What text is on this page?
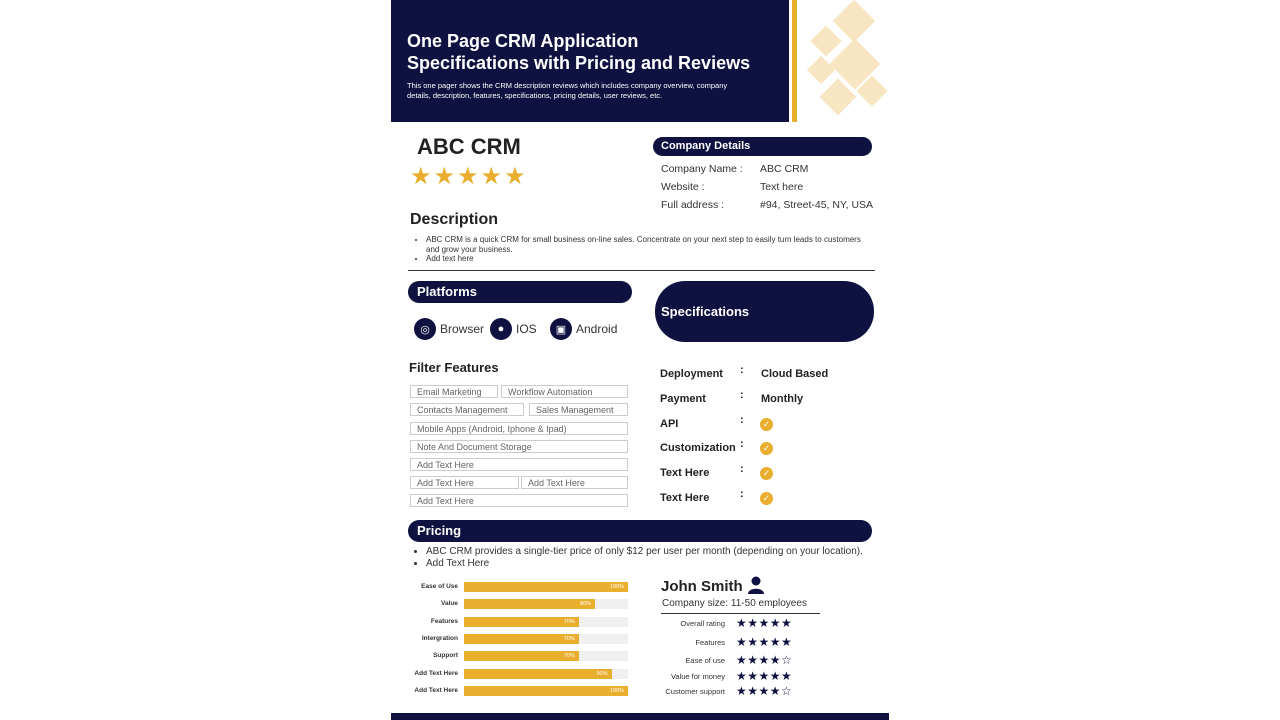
One Page CRM Application
Specifications with Pricing and Reviews
This one pager shows the CRM description reviews which includes company overview, company details, description, features, specifications, pricing details, user reviews, etc.
ABC CRM
★★★★★
Company Details
Company Name : ABC CRM
Website :	Text here
Full address :	#94, Street-45, NY, USA
Description
• ABC CRM is a quick CRM for small business on-line sales. Concentrate on your next step to easily turn leads to customers and grow your business.
• Add text here
Platforms
◎ Browser	● IOS	▣ Android
Specifications
Filter Features
Email Marketing	Workflow Automation
Contacts Management	Sales Management
Mobile Apps (Android, Iphone & Ipad)
Note And Document Storage
Add Text Here
Add Text Here	Add Text Here
Add Text Here
Deployment : Cloud Based
Payment	: Monthly
API	:	✓
Customization :	✓
Text Here	:	✓
Text Here	:	✓
Pricing
• ABC CRM provides a single-tier price of only $12 per user per month (depending on your location).
• Add Text Here
Ease of Use	100%
Value	80%
Features	70%
Intergration	70%
Support	70%
Add Text Here	90%
Add Text Here	100%
John Smith
Company size: 11-50 employees
Overall rating ★★★★★
Features ★★★★★
Ease of use ★★★★☆
Value for money ★★★★★
Customer support ★★★★☆
